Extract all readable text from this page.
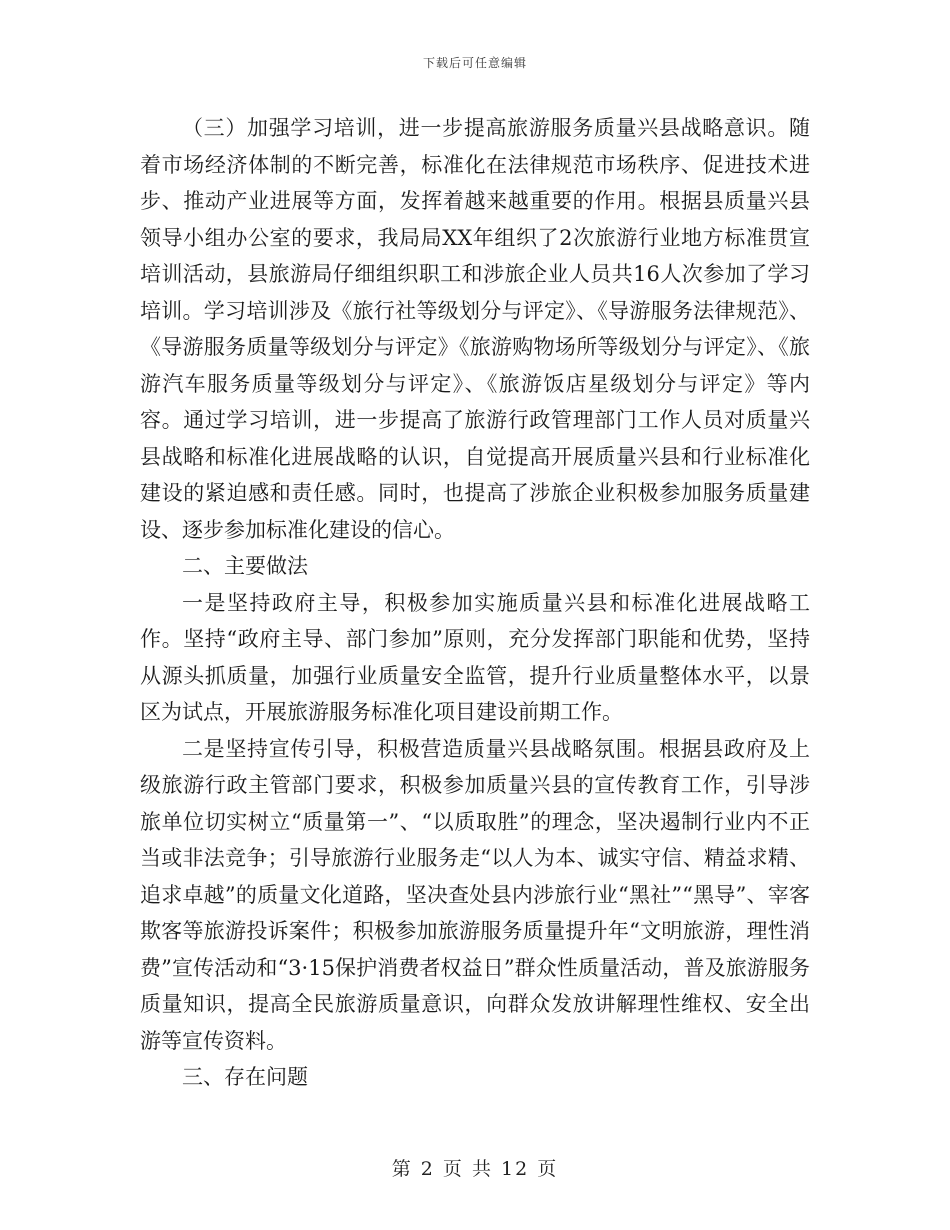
下载后可任意编辑

（三）加强学习培训，进一步提高旅游服务质量兴县战略意识。随着市场经济体制的不断完善，标准化在法律规范市场秩序、促进技术进步、推动产业进展等方面，发挥着越来越重要的作用。根据县质量兴县领导小组办公室的要求，我局局XX年组织了2次旅游行业地方标准贯宣培训活动，县旅游局仔细组织职工和涉旅企业人员共16人次参加了学习培训。学习培训涉及《旅行社等级划分与评定》、《导游服务法律规范》、《导游服务质量等级划分与评定》《旅游购物场所等级划分与评定》、《旅游汽车服务质量等级划分与评定》、《旅游饭店星级划分与评定》等内容。通过学习培训，进一步提高了旅游行政管理部门工作人员对质量兴县战略和标准化进展战略的认识，自觉提高开展质量兴县和行业标准化建设的紧迫感和责任感。同时，也提高了涉旅企业积极参加服务质量建设、逐步参加标准化建设的信心。

二、主要做法

一是坚持政府主导，积极参加实施质量兴县和标准化进展战略工作。坚持“政府主导、部门参加”原则，充分发挥部门职能和优势，坚持从源头抓质量，加强行业质量安全监管，提升行业质量整体水平，以景区为试点，开展旅游服务标准化项目建设前期工作。

二是坚持宣传引导，积极营造质量兴县战略氛围。根据县政府及上级旅游行政主管部门要求，积极参加质量兴县的宣传教育工作，引导涉旅单位切实树立“质量第一”、“以质取胜”的理念，坚决遏制行业内不正当或非法竞争；引导旅游行业服务走“以人为本、诚实守信、精益求精、追求卓越”的质量文化道路，坚决查处县内涉旅行业“黑社”“黑导”、宰客欺客等旅游投诉案件；积极参加旅游服务质量提升年“文明旅游，理性消费”宣传活动和“3·15保护消费者权益日”群众性质量活动，普及旅游服务质量知识，提高全民旅游质量意识，向群众发放讲解理性维权、安全出游等宣传资料。

三、存在问题

第 2 页 共 12 页
